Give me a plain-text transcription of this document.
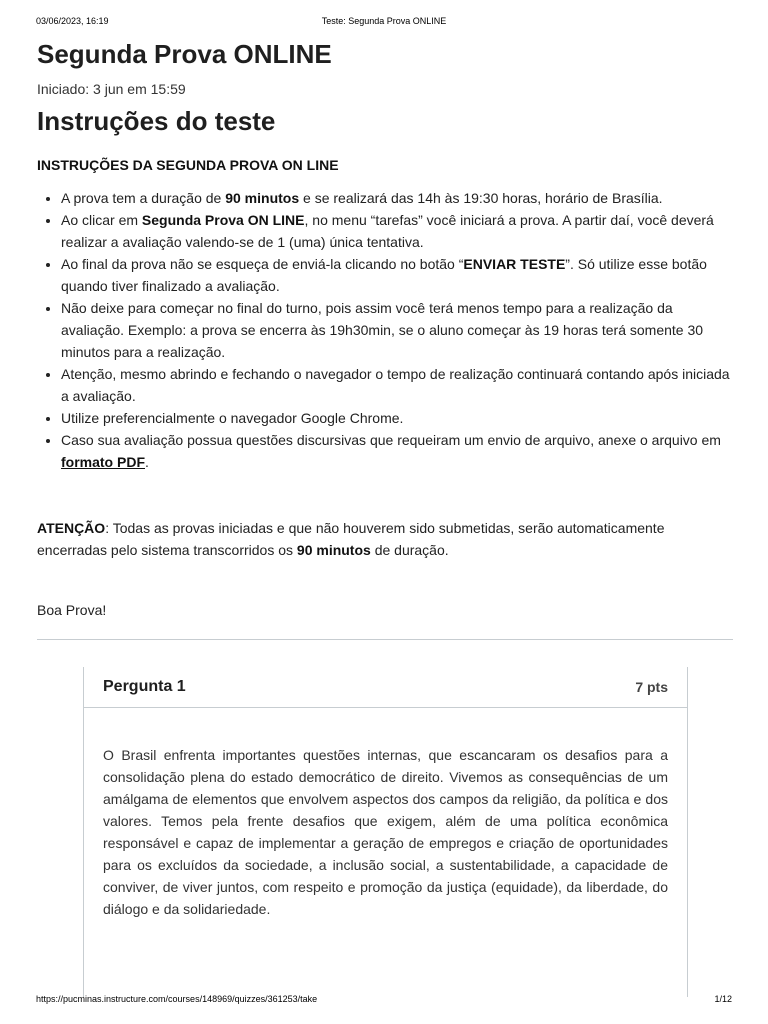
03/06/2023, 16:19	Teste: Segunda Prova ONLINE
Segunda Prova ONLINE
Iniciado: 3 jun em 15:59
Instruções do teste
INSTRUÇÕES DA SEGUNDA PROVA ON LINE
• A prova tem a duração de 90 minutos e se realizará das 14h às 19:30 horas, horário de Brasília.
• Ao clicar em Segunda Prova ON LINE, no menu “tarefas” você iniciará a prova. A partir daí, você deverá realizar a avaliação valendo-se de 1 (uma) única tentativa.
• Ao final da prova não se esqueça de enviá-la clicando no botão “ENVIAR TESTE”. Só utilize esse botão quando tiver finalizado a avaliação.
• Não deixe para começar no final do turno, pois assim você terá menos tempo para a realização da avaliação. Exemplo: a prova se encerra às 19h30min, se o aluno começar às 19 horas terá somente 30 minutos para a realização.
• Atenção, mesmo abrindo e fechando o navegador o tempo de realização continuará contando após iniciada a avaliação.
• Utilize preferencialmente o navegador Google Chrome.
• Caso sua avaliação possua questões discursivas que requeiram um envio de arquivo, anexe o arquivo em formato PDF.
ATENÇÃO: Todas as provas iniciadas e que não houverem sido submetidas, serão automaticamente encerradas pelo sistema transcorridos os 90 minutos de duração.
Boa Prova!
Pergunta 1	7 pts
O Brasil enfrenta importantes questões internas, que escancaram os desafios para a consolidação plena do estado democrático de direito. Vivemos as consequências de um amálgama de elementos que envolvem aspectos dos campos da religião, da política e dos valores. Temos pela frente desafios que exigem, além de uma política econômica responsável e capaz de implementar a geração de empregos e criação de oportunidades para os excluídos da sociedade, a inclusão social, a sustentabilidade, a capacidade de conviver, de viver juntos, com respeito e promoção da justiça (equidade), da liberdade, do diálogo e da solidariedade.
https://pucminas.instructure.com/courses/148969/quizzes/361253/take	1/12
